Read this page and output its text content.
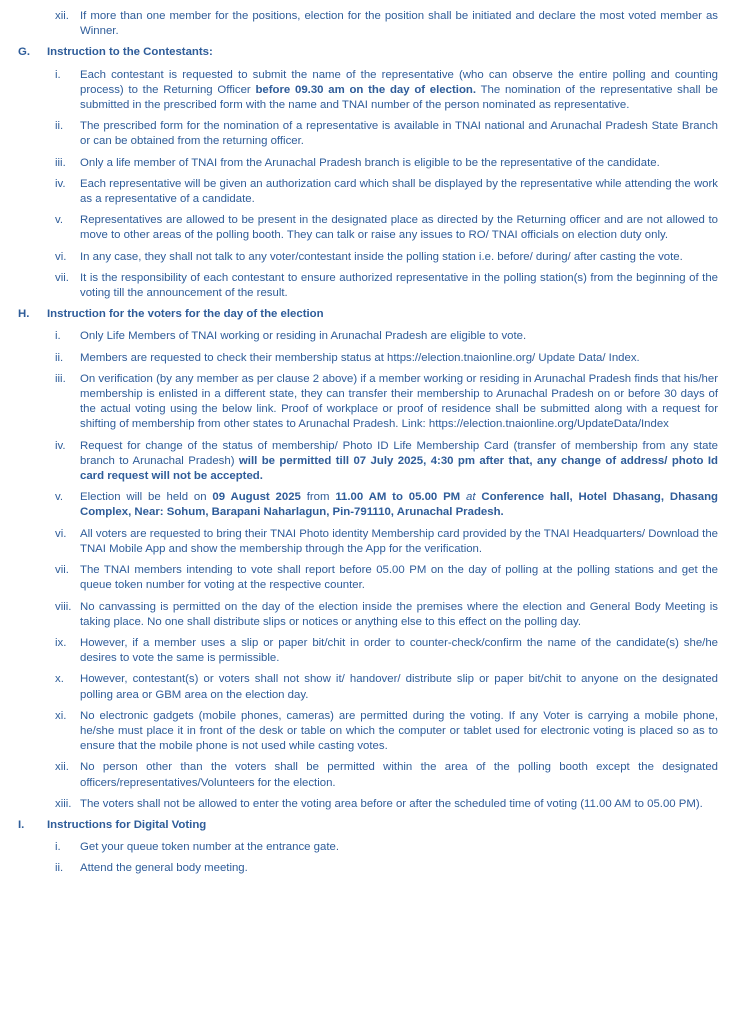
xii. If more than one member for the positions, election for the position shall be initiated and declare the most voted member as Winner.
G.	Instruction to the Contestants:
i.	Each contestant is requested to submit the name of the representative (who can observe the entire polling and counting process) to the Returning Officer before 09.30 am on the day of election. The nomination of the representative shall be submitted in the prescribed form with the name and TNAI number of the person nominated as representative.
ii.	The prescribed form for the nomination of a representative is available in TNAI national and Arunachal Pradesh State Branch or can be obtained from the returning officer.
iii.	Only a life member of TNAI from the Arunachal Pradesh branch is eligible to be the representative of the candidate.
iv.	Each representative will be given an authorization card which shall be displayed by the representative while attending the work as a representative of a candidate.
v.	Representatives are allowed to be present in the designated place as directed by the Returning officer and are not allowed to move to other areas of the polling booth. They can talk or raise any issues to RO/ TNAI officials on election duty only.
vi.	In any case, they shall not talk to any voter/contestant inside the polling station i.e. before/ during/ after casting the vote.
vii. It is the responsibility of each contestant to ensure authorized representative in the polling station(s) from the beginning of the voting till the announcement of the result.
H.	Instruction for the voters for the day of the election
i.	Only Life Members of TNAI working or residing in Arunachal Pradesh are eligible to vote.
ii.	Members are requested to check their membership status at https://election.tnaionline.org/ Update Data/ Index.
iii.	On verification (by any member as per clause 2 above) if a member working or residing in Arunachal Pradesh finds that his/her membership is enlisted in a different state, they can transfer their membership to Arunachal Pradesh on or before 30 days of the actual voting using the below link. Proof of workplace or proof of residence shall be submitted along with a request for shifting of membership from other states to Arunachal Pradesh. Link: https://election.tnaionline.org/UpdateData/Index
iv.	Request for change of the status of membership/ Photo ID Life Membership Card (transfer of membership from any state branch to Arunachal Pradesh) will be permitted till 07 July 2025, 4:30 pm after that, any change of address/ photo Id card request will not be accepted.
v.	Election will be held on 09 August 2025 from 11.00 AM to 05.00 PM at Conference hall, Hotel Dhasang, Dhasang Complex, Near: Sohum, Barapani Naharlagun, Pin-791110, Arunachal Pradesh.
vi.	All voters are requested to bring their TNAI Photo identity Membership card provided by the TNAI Headquarters/ Download the TNAI Mobile App and show the membership through the App for the verification.
vii. The TNAI members intending to vote shall report before 05.00 PM on the day of polling at the polling stations and get the queue token number for voting at the respective counter.
viii. No canvassing is permitted on the day of the election inside the premises where the election and General Body Meeting is taking place. No one shall distribute slips or notices or anything else to this effect on the polling day.
ix.	However, if a member uses a slip or paper bit/chit in order to counter-check/confirm the name of the candidate(s) she/he desires to vote the same is permissible.
x.	However, contestant(s) or voters shall not show it/ handover/ distribute slip or paper bit/chit to anyone on the designated polling area or GBM area on the election day.
xi.	No electronic gadgets (mobile phones, cameras) are permitted during the voting. If any Voter is carrying a mobile phone, he/she must place it in front of the desk or table on which the computer or tablet used for electronic voting is placed so as to ensure that the mobile phone is not used while casting votes.
xii. No person other than the voters shall be permitted within the area of the polling booth except the designated officers/representatives/Volunteers for the election.
xiii. The voters shall not be allowed to enter the voting area before or after the scheduled time of voting (11.00 AM to 05.00 PM).
I.	Instructions for Digital Voting
i.	Get your queue token number at the entrance gate.
ii.	Attend the general body meeting.
